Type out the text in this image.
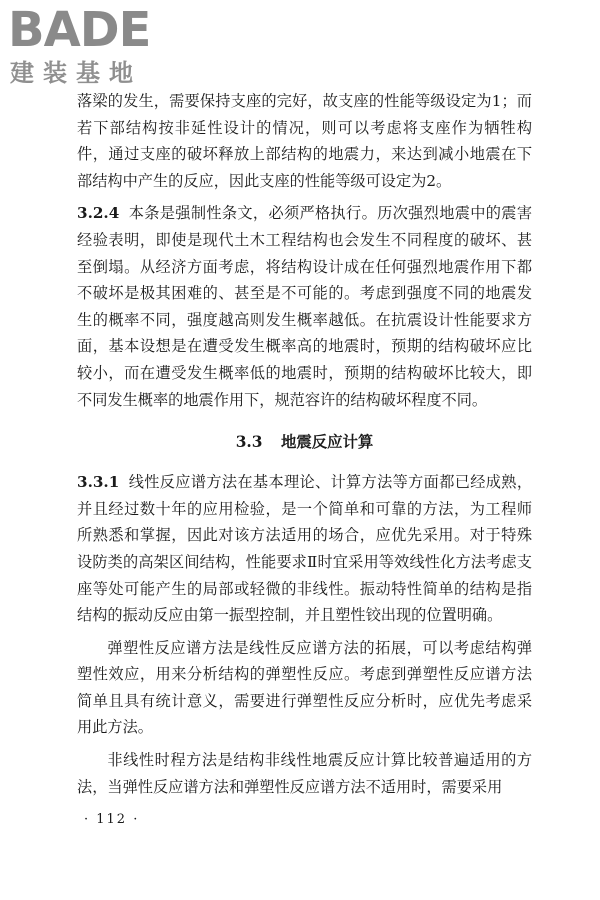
BADE
建装基地

落梁的发生，需要保持支座的完好，故支座的性能等级设定为1；而若下部结构按非延性设计的情况，则可以考虑将支座作为牺牲构件，通过支座的破坏释放上部结构的地震力，来达到减小地震在下部结构中产生的反应，因此支座的性能等级可设定为2。

3.2.4 本条是强制性条文，必须严格执行。历次强烈地震中的震害经验表明，即使是现代土木工程结构也会发生不同程度的破坏、甚至倒塌。从经济方面考虑，将结构设计成在任何强烈地震作用下都不破坏是极其困难的、甚至是不可能的。考虑到强度不同的地震发生的概率不同，强度越高则发生概率越低。在抗震设计性能要求方面，基本设想是在遭受发生概率高的地震时，预期的结构破坏应比较小，而在遭受发生概率低的地震时，预期的结构破坏比较大，即不同发生概率的地震作用下，规范容许的结构破坏程度不同。

3.3 地震反应计算

3.3.1 线性反应谱方法在基本理论、计算方法等方面都已经成熟，并且经过数十年的应用检验，是一个简单和可靠的方法，为工程师所熟悉和掌握，因此对该方法适用的场合，应优先采用。对于特殊设防类的高架区间结构，性能要求Ⅱ时宜采用等效线性化方法考虑支座等处可能产生的局部或轻微的非线性。振动特性简单的结构是指结构的振动反应由第一振型控制，并且塑性铰出现的位置明确。

弹塑性反应谱方法是线性反应谱方法的拓展，可以考虑结构弹塑性效应，用来分析结构的弹塑性反应。考虑到弹塑性反应谱方法简单且具有统计意义，需要进行弹塑性反应分析时，应优先考虑采用此方法。

非线性时程方法是结构非线性地震反应计算比较普遍适用的方法，当弹性反应谱方法和弹塑性反应谱方法不适用时，需要采用

· 112 ·
